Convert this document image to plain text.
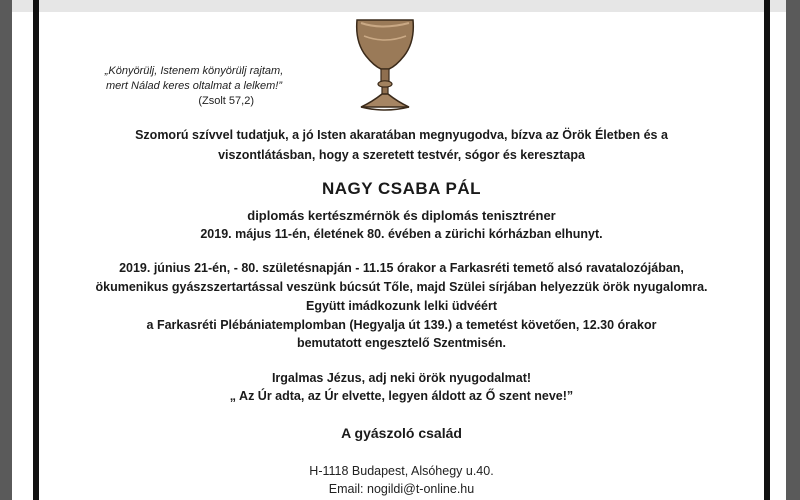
„Könyörülj, Istenem könyörülj rajtam,
mert Nálad keres oltalmat a lelkem!”

(Zsolt 57,2)
Szomorú szívvel tudatjuk, a jó Isten akaratában megnyugodva, bízva az Örök Életben és a
viszontlátásban, hogy a szeretett testvér, sógor és keresztapa
NAGY CSABA PÁL
diplomás kertészmérnök és diplomás tenisztréner
2019. május 11-én, életének 80. évében a zürichi kórházban elhunyt.
2019. június 21-én, - 80. születésnapján - 11.15 órakor a Farkasréti temető alsó ravatalozójában,
ökumenikus gyászszertartással veszünk búcsút Tőle, majd Szülei sírjában helyezzük örök nyugalomra.
Együtt imádkozunk lelki üdvéért
a Farkasréti Plébániatemplomban (Hegyalja út 139.) a temetést követően, 12.30 órakor
bemutatott engesztelő Szentmisén.
Irgalmas Jézus, adj neki örök nyugodalmat!
„ Az Úr adta, az Úr elvette, legyen áldott az Ő szent neve!”
A gyászoló család
H-1118 Budapest, Alsóhegy u.40.
Email: nogildi@t-online.hu
